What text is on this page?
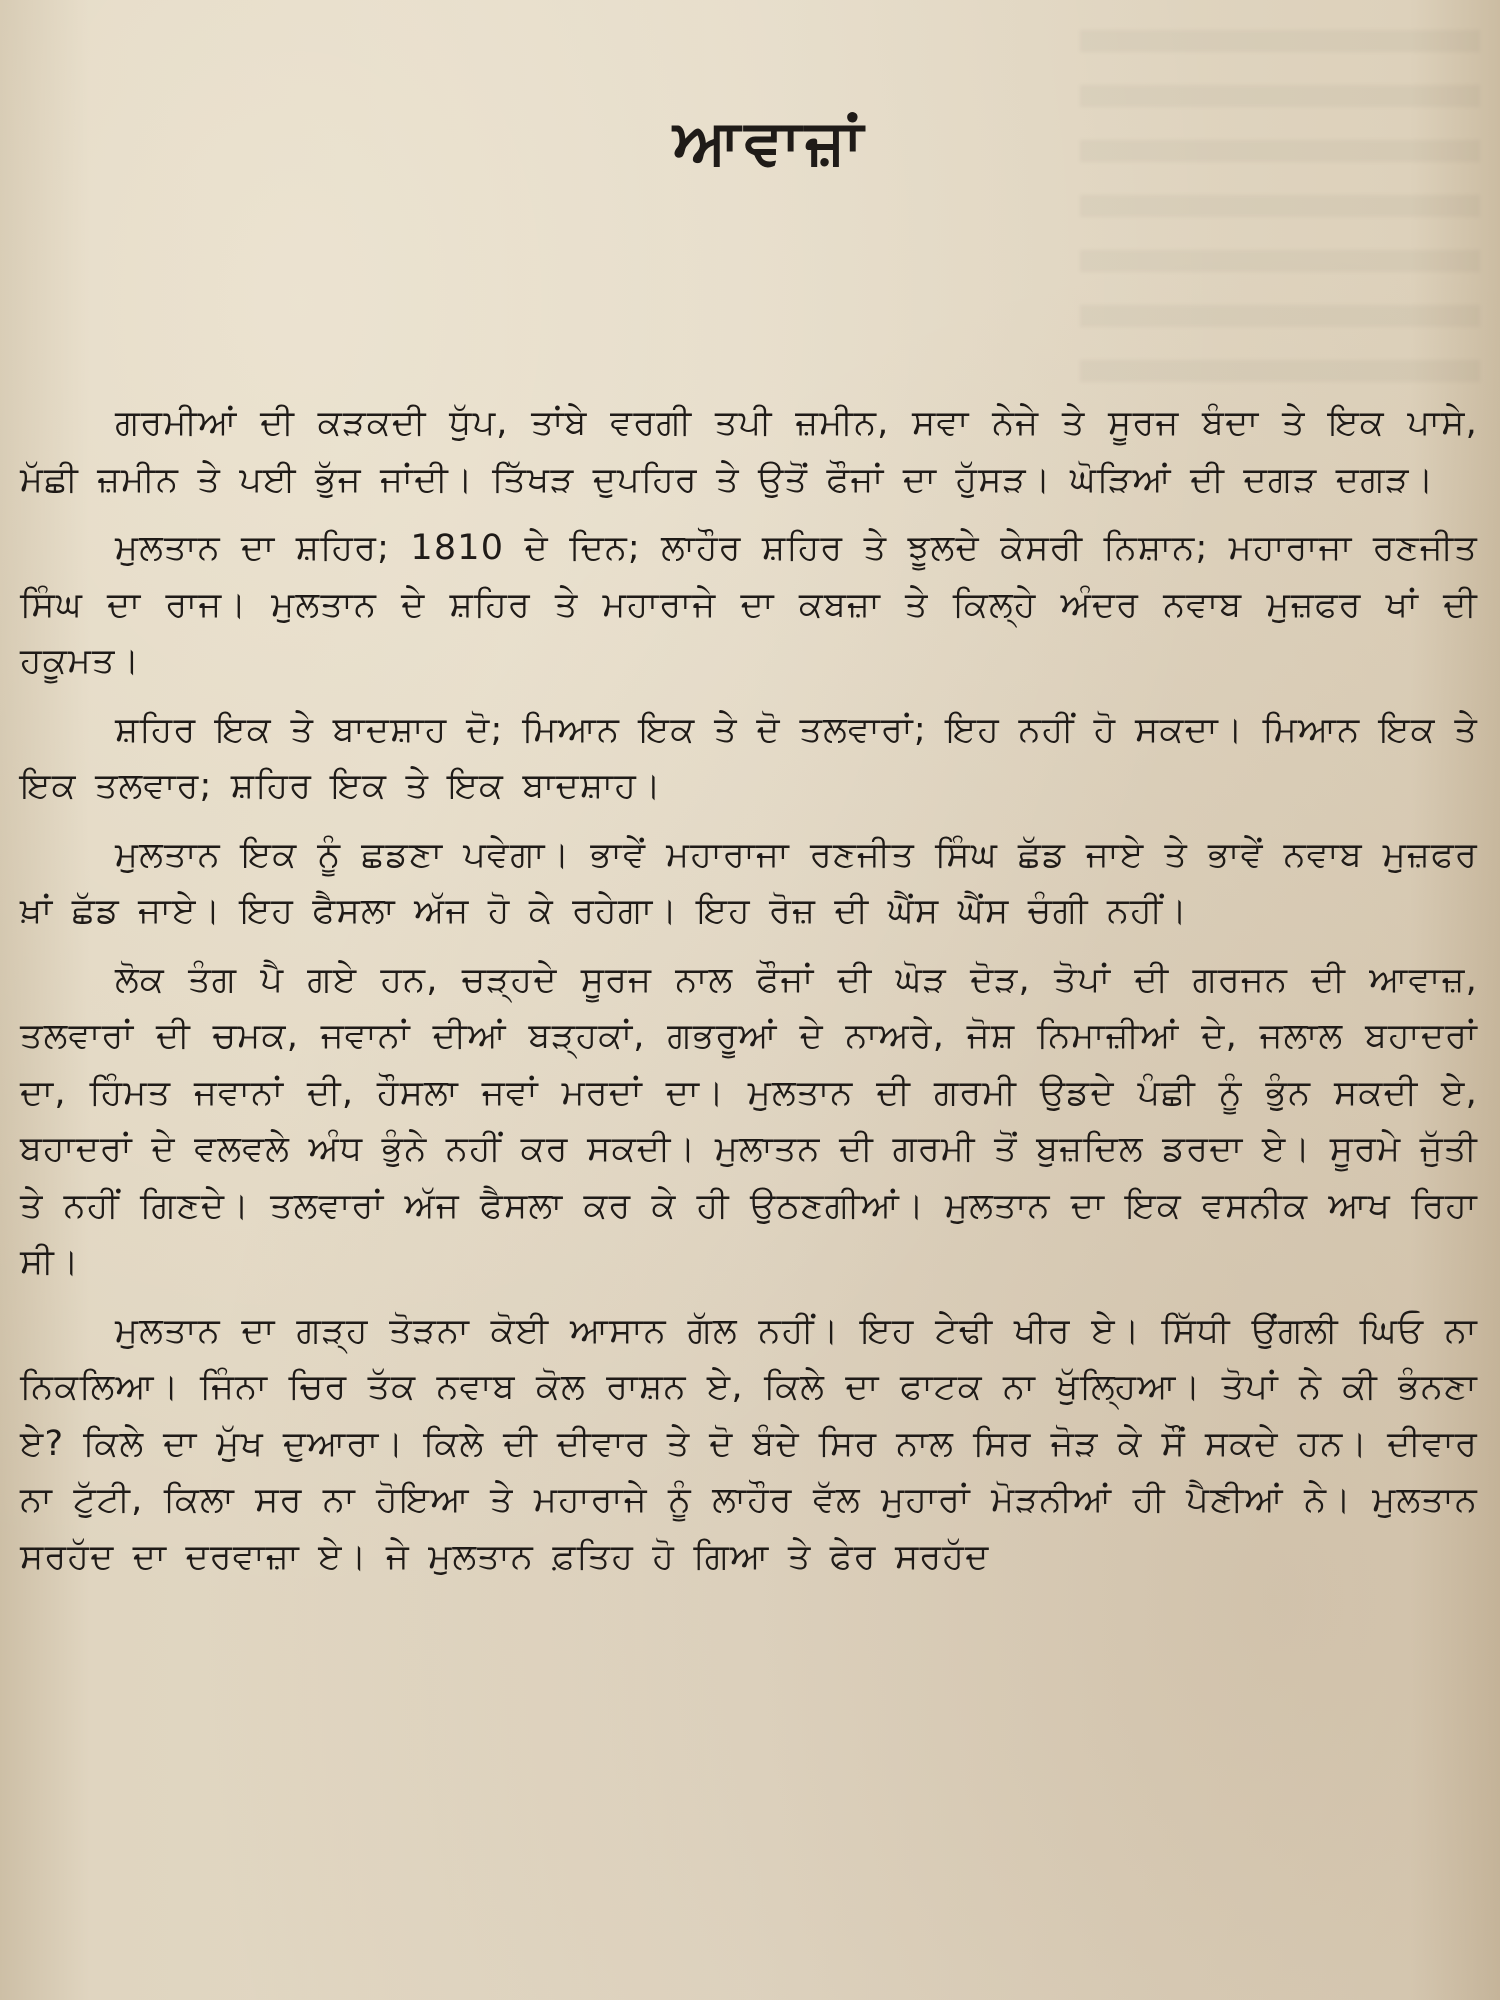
ਆਵਾਜ਼ਾਂ

ਗਰਮੀਆਂ ਦੀ ਕੜਕਦੀ ਧੁੱਪ, ਤਾਂਬੇ ਵਰਗੀ ਤਪੀ ਜ਼ਮੀਨ, ਸਵਾ ਨੇਜੇ ਤੇ ਸੂਰਜ ਬੰਦਾ ਤੇ ਇਕ ਪਾਸੇ, ਮੱਛੀ ਜ਼ਮੀਨ ਤੇ ਪਈ ਭੁੱਜ ਜਾਂਦੀ। ਤਿੱਖੜ ਦੁਪਹਿਰ ਤੇ ਉਤੋਂ ਫੌਜਾਂ ਦਾ ਹੁੱਸੜ। ਘੋੜਿਆਂ ਦੀ ਦਗੜ ਦਗੜ।

ਮੁਲਤਾਨ ਦਾ ਸ਼ਹਿਰ; 1810 ਦੇ ਦਿਨ; ਲਾਹੌਰ ਸ਼ਹਿਰ ਤੇ ਝੂਲਦੇ ਕੇਸਰੀ ਨਿਸ਼ਾਨ; ਮਹਾਰਾਜਾ ਰਣਜੀਤ ਸਿੰਘ ਦਾ ਰਾਜ। ਮੁਲਤਾਨ ਦੇ ਸ਼ਹਿਰ ਤੇ ਮਹਾਰਾਜੇ ਦਾ ਕਬਜ਼ਾ ਤੇ ਕਿਲ੍ਹੇ ਅੰਦਰ ਨਵਾਬ ਮੁਜ਼ਫਰ ਖਾਂ ਦੀ ਹਕੂਮਤ।

ਸ਼ਹਿਰ ਇਕ ਤੇ ਬਾਦਸ਼ਾਹ ਦੋ; ਮਿਆਨ ਇਕ ਤੇ ਦੋ ਤਲਵਾਰਾਂ; ਇਹ ਨਹੀਂ ਹੋ ਸਕਦਾ। ਮਿਆਨ ਇਕ ਤੇ ਇਕ ਤਲਵਾਰ; ਸ਼ਹਿਰ ਇਕ ਤੇ ਇਕ ਬਾਦਸ਼ਾਹ।

ਮੁਲਤਾਨ ਇਕ ਨੂੰ ਛਡਣਾ ਪਵੇਗਾ। ਭਾਵੇਂ ਮਹਾਰਾਜਾ ਰਣਜੀਤ ਸਿੰਘ ਛੱਡ ਜਾਏ ਤੇ ਭਾਵੇਂ ਨਵਾਬ ਮੁਜ਼ਫਰ ਖ਼ਾਂ ਛੱਡ ਜਾਏ। ਇਹ ਫੈਸਲਾ ਅੱਜ ਹੋ ਕੇ ਰਹੇਗਾ। ਇਹ ਰੋਜ਼ ਦੀ ਘੈਂਸ ਘੈਂਸ ਚੰਗੀ ਨਹੀਂ।

ਲੋਕ ਤੰਗ ਪੈ ਗਏ ਹਨ, ਚੜ੍ਹਦੇ ਸੂਰਜ ਨਾਲ ਫੌਜਾਂ ਦੀ ਘੋੜ ਦੋੜ, ਤੋਪਾਂ ਦੀ ਗਰਜਨ ਦੀ ਆਵਾਜ਼, ਤਲਵਾਰਾਂ ਦੀ ਚਮਕ, ਜਵਾਨਾਂ ਦੀਆਂ ਬੜ੍ਹਕਾਂ, ਗਭਰੂਆਂ ਦੇ ਨਾਅਰੇ, ਜੋਸ਼ ਨਿਮਾਜ਼ੀਆਂ ਦੇ, ਜਲਾਲ ਬਹਾਦਰਾਂ ਦਾ, ਹਿੰਮਤ ਜਵਾਨਾਂ ਦੀ, ਹੌਸਲਾ ਜਵਾਂ ਮਰਦਾਂ ਦਾ। ਮੁਲਤਾਨ ਦੀ ਗਰਮੀ ਉਡਦੇ ਪੰਛੀ ਨੂੰ ਭੁੰਨ ਸਕਦੀ ਏ, ਬਹਾਦਰਾਂ ਦੇ ਵਲਵਲੇ ਅੰਧ ਭੁੰਨੇ ਨਹੀਂ ਕਰ ਸਕਦੀ। ਮੁਲਾਤਨ ਦੀ ਗਰਮੀ ਤੋਂ ਬੁਜ਼ਦਿਲ ਡਰਦਾ ਏ। ਸੂਰਮੇ ਜੁੱਤੀ ਤੇ ਨਹੀਂ ਗਿਣਦੇ। ਤਲਵਾਰਾਂ ਅੱਜ ਫੈਸਲਾ ਕਰ ਕੇ ਹੀ ਉਠਣਗੀਆਂ। ਮੁਲਤਾਨ ਦਾ ਇਕ ਵਸਨੀਕ ਆਖ ਰਿਹਾ ਸੀ।

ਮੁਲਤਾਨ ਦਾ ਗੜ੍ਹ ਤੋੜਨਾ ਕੋਈ ਆਸਾਨ ਗੱਲ ਨਹੀਂ। ਇਹ ਟੇਢੀ ਖੀਰ ਏ। ਸਿੱਧੀ ਉਂਗਲੀ ਘਿਓ ਨਾ ਨਿਕਲਿਆ। ਜਿੰਨਾ ਚਿਰ ਤੱਕ ਨਵਾਬ ਕੋਲ ਰਾਸ਼ਨ ਏ, ਕਿਲੇ ਦਾ ਫਾਟਕ ਨਾ ਖੁੱਲ੍ਹਿਆ। ਤੋਪਾਂ ਨੇ ਕੀ ਭੰਨਣਾ ਏ? ਕਿਲੇ ਦਾ ਮੁੱਖ ਦੁਆਰਾ। ਕਿਲੇ ਦੀ ਦੀਵਾਰ ਤੇ ਦੋ ਬੰਦੇ ਸਿਰ ਨਾਲ ਸਿਰ ਜੋੜ ਕੇ ਸੌਂ ਸਕਦੇ ਹਨ। ਦੀਵਾਰ ਨਾ ਟੁੱਟੀ, ਕਿਲਾ ਸਰ ਨਾ ਹੋਇਆ ਤੇ ਮਹਾਰਾਜੇ ਨੂੰ ਲਾਹੌਰ ਵੱਲ ਮੁਹਾਰਾਂ ਮੋੜਨੀਆਂ ਹੀ ਪੈਣੀਆਂ ਨੇ। ਮੁਲਤਾਨ ਸਰਹੱਦ ਦਾ ਦਰਵਾਜ਼ਾ ਏ। ਜੇ ਮੁਲਤਾਨ ਫ਼ਤਿਹ ਹੋ ਗਿਆ ਤੇ ਫੇਰ ਸਰਹੱਦ
